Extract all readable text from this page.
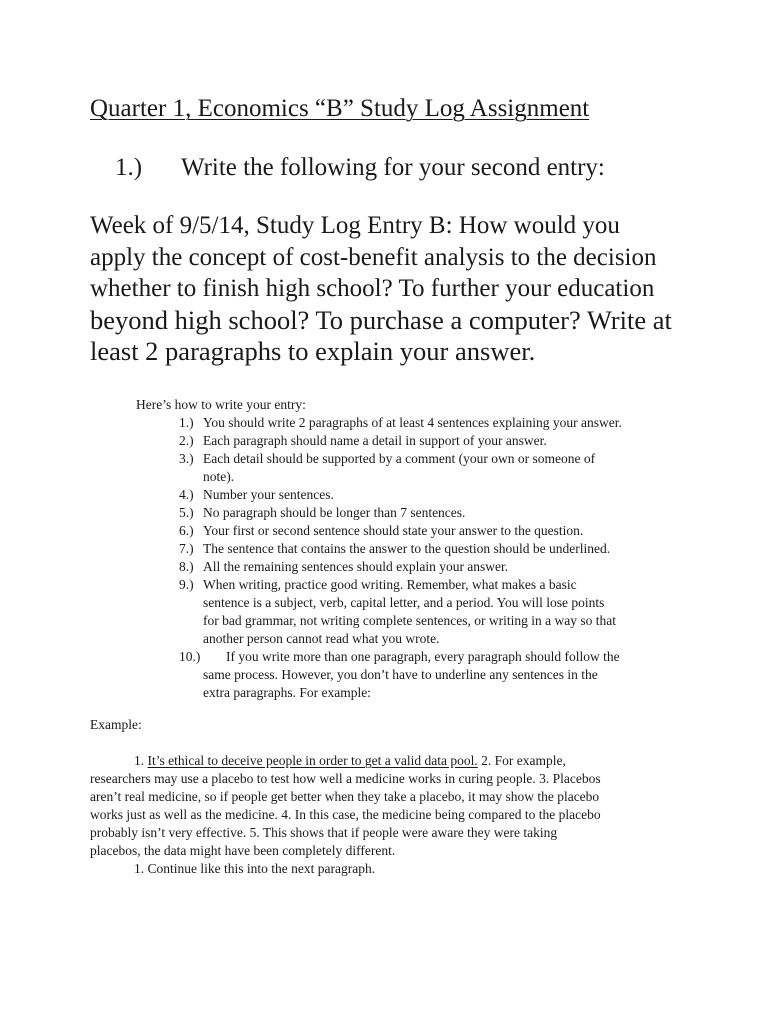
Quarter 1, Economics “B” Study Log Assignment
1.) Write the following for your second entry:

Week of 9/5/14, Study Log Entry B: How would you
apply the concept of cost-benefit analysis to the decision
whether to finish high school? To further your education
beyond high school? To purchase a computer? Write at
least 2 paragraphs to explain your answer.

Here’s how to write your entry:
1.) You should write 2 paragraphs of at least 4 sentences explaining your answer.
2.) Each paragraph should name a detail in support of your answer.
3.) Each detail should be supported by a comment (your own or someone of
note).
4.) Number your sentences.
5.) No paragraph should be longer than 7 sentences.
6.) Your first or second sentence should state your answer to the question.
7.) The sentence that contains the answer to the question should be underlined.
8.) All the remaining sentences should explain your answer.
9.) When writing, practice good writing. Remember, what makes a basic
sentence is a subject, verb, capital letter, and a period. You will lose points
for bad grammar, not writing complete sentences, or writing in a way so that
another person cannot read what you wrote.
10.) If you write more than one paragraph, every paragraph should follow the
same process. However, you don’t have to underline any sentences in the
extra paragraphs. For example:
Example:
1. It’s ethical to deceive people in order to get a valid data pool. 2. For example,
researchers may use a placebo to test how well a medicine works in curing people. 3. Placebos
aren’t real medicine, so if people get better when they take a placebo, it may show the placebo
works just as well as the medicine. 4. In this case, the medicine being compared to the placebo
probably isn’t very effective. 5. This shows that if people were aware they were taking
placebos, the data might have been completely different.
1. Continue like this into the next paragraph.
